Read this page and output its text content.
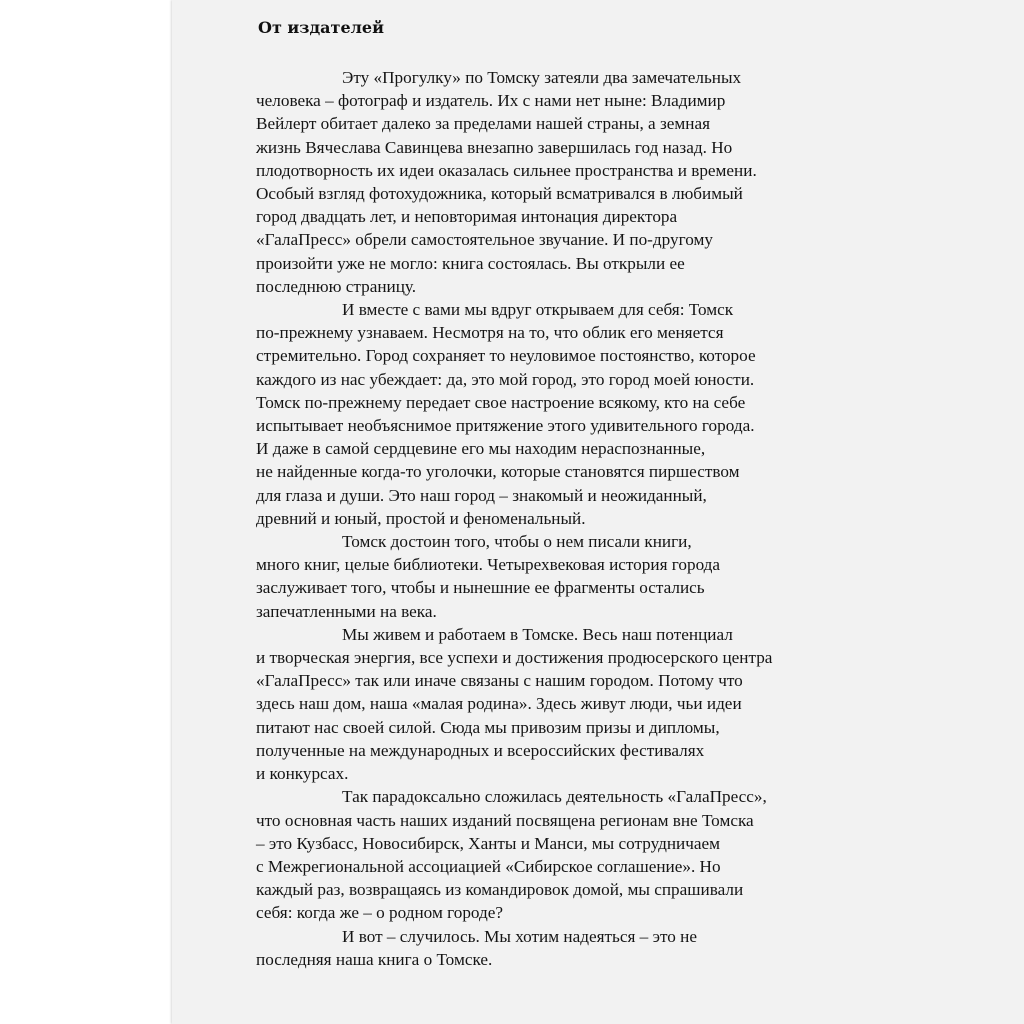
От издателей
Эту «Прогулку» по Томску затеяли два замечательных
человека – фотограф и издатель. Их с нами нет ныне: Владимир
Вейлерт обитает далеко за пределами нашей страны, а земная
жизнь Вячеслава Савинцева внезапно завершилась год назад. Но
плодотворность их идеи оказалась сильнее пространства и времени.
Особый взгляд фотохудожника, который всматривался в любимый
город двадцать лет, и неповторимая интонация директора
«ГалаПресс» обрели самостоятельное звучание. И по-другому
произойти уже не могло: книга состоялась. Вы открыли ее
последнюю страницу.
И вместе с вами мы вдруг открываем для себя: Томск
по-прежнему узнаваем. Несмотря на то, что облик его меняется
стремительно. Город сохраняет то неуловимое постоянство, которое
каждого из нас убеждает: да, это мой город, это город моей юности.
Томск по-прежнему передает свое настроение всякому, кто на себе
испытывает необъяснимое притяжение этого удивительного города.
И даже в самой сердцевине его мы находим нераспознанные,
не найденные когда-то уголочки, которые становятся пиршеством
для глаза и души. Это наш город – знакомый и неожиданный,
древний и юный, простой и феноменальный.
Томск достоин того, чтобы о нем писали книги,
много книг, целые библиотеки. Четырехвековая история города
заслуживает того, чтобы и нынешние ее фрагменты остались
запечатленными на века.
Мы живем и работаем в Томске. Весь наш потенциал
и творческая энергия, все успехи и достижения продюсерского центра
«ГалаПресс» так или иначе связаны с нашим городом. Потому что
здесь наш дом, наша «малая родина». Здесь живут люди, чьи идеи
питают нас своей силой. Сюда мы привозим призы и дипломы,
полученные на международных и всероссийских фестивалях
и конкурсах.
Так парадоксально сложилась деятельность «ГалаПресс»,
что основная часть наших изданий посвящена регионам вне Томска
– это Кузбасс, Новосибирск, Ханты и Манси, мы сотрудничаем
с Межрегиональной ассоциацией «Сибирское соглашение». Но
каждый раз, возвращаясь из командировок домой, мы спрашивали
себя: когда же – о родном городе?
И вот – случилось. Мы хотим надеяться – это не
последняя наша книга о Томске.
